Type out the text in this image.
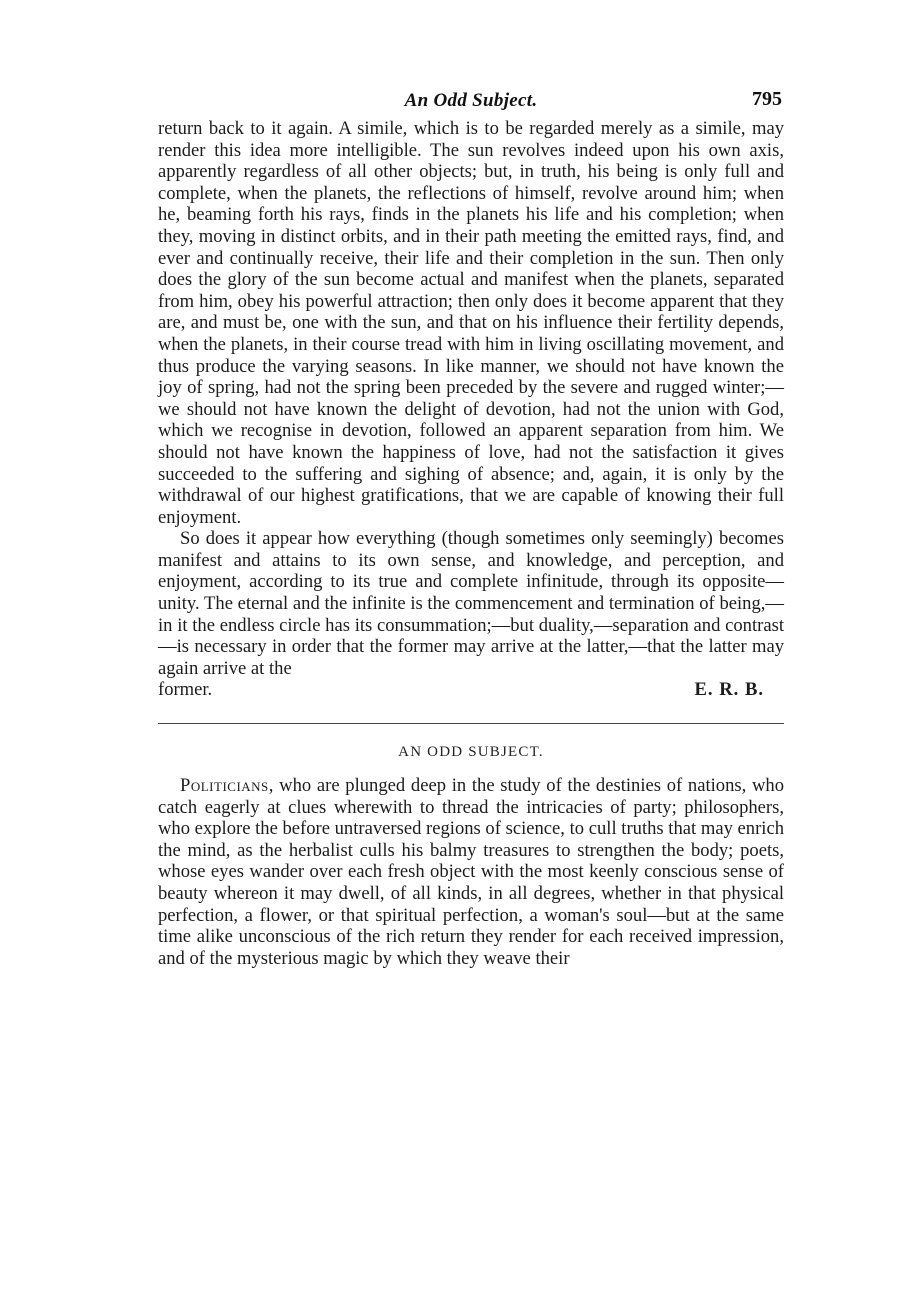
An Odd Subject.	795

return back to it again. A simile, which is to be regarded merely as a simile, may render this idea more intelligible. The sun revolves indeed upon his own axis, apparently regardless of all other objects; but, in truth, his being is only full and complete, when the planets, the reflections of himself, revolve around him; when he, beaming forth his rays, finds in the planets his life and his completion; when they, moving in distinct orbits, and in their path meeting the emitted rays, find, and ever and continually receive, their life and their completion in the sun. Then only does the glory of the sun become actual and manifest when the planets, separated from him, obey his powerful attraction; then only does it become apparent that they are, and must be, one with the sun, and that on his influence their fertility depends, when the planets, in their course tread with him in living oscillating movement, and thus produce the varying seasons. In like manner, we should not have known the joy of spring, had not the spring been preceded by the severe and rugged winter;—we should not have known the delight of devotion, had not the union with God, which we recognise in devotion, followed an apparent separation from him. We should not have known the happiness of love, had not the satisfaction it gives succeeded to the suffering and sighing of absence; and, again, it is only by the withdrawal of our highest gratifications, that we are capable of knowing their full enjoyment.

So does it appear how everything (though sometimes only seemingly) becomes manifest and attains to its own sense, and knowledge, and perception, and enjoyment, according to its true and complete infinitude, through its opposite—unity. The eternal and the infinite is the commencement and termination of being,—in it the endless circle has its consummation;—but duality,—separation and contrast—is necessary in order that the former may arrive at the latter,—that the latter may again arrive at the

former.	E. R. B.
AN ODD SUBJECT.

Politicians, who are plunged deep in the study of the destinies of nations, who catch eagerly at clues wherewith to thread the intricacies of party; philosophers, who explore the before untraversed regions of science, to cull truths that may enrich the mind, as the herbalist culls his balmy treasures to strengthen the body; poets, whose eyes wander over each fresh object with the most keenly conscious sense of beauty whereon it may dwell, of all kinds, in all degrees, whether in that physical perfection, a flower, or that spiritual perfection, a woman's soul—but at the same time alike unconscious of the rich return they render for each received impression, and of the mysterious magic by which they weave their
